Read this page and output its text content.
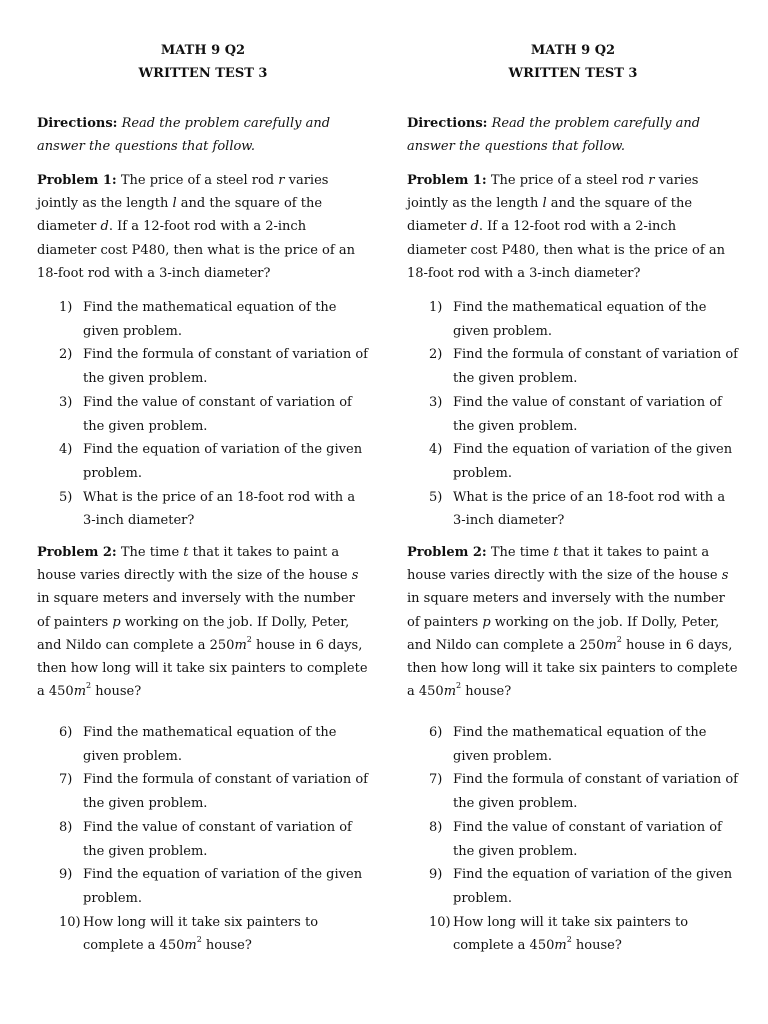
MATH 9 Q2
WRITTEN TEST 3
Directions: Read the problem carefully and answer the questions that follow.
Problem 1: The price of a steel rod r varies jointly as the length l and the square of the diameter d. If a 12-foot rod with a 2-inch diameter cost P480, then what is the price of an 18-foot rod with a 3-inch diameter?
1) Find the mathematical equation of the given problem.
2) Find the formula of constant of variation of the given problem.
3) Find the value of constant of variation of the given problem.
4) Find the equation of variation of the given problem.
5) What is the price of an 18-foot rod with a 3-inch diameter?
Problem 2: The time t that it takes to paint a house varies directly with the size of the house s in square meters and inversely with the number of painters p working on the job. If Dolly, Peter, and Nildo can complete a $250m^2$ house in 6 days, then how long will it take six painters to complete a $450m^2$ house?
6) Find the mathematical equation of the given problem.
7) Find the formula of constant of variation of the given problem.
8) Find the value of constant of variation of the given problem.
9) Find the equation of variation of the given problem.
10) How long will it take six painters to complete a $450m^2$ house?
MATH 9 Q2
WRITTEN TEST 3
Directions: Read the problem carefully and answer the questions that follow.
Problem 1: The price of a steel rod r varies jointly as the length l and the square of the diameter d. If a 12-foot rod with a 2-inch diameter cost P480, then what is the price of an 18-foot rod with a 3-inch diameter?
1) Find the mathematical equation of the given problem.
2) Find the formula of constant of variation of the given problem.
3) Find the value of constant of variation of the given problem.
4) Find the equation of variation of the given problem.
5) What is the price of an 18-foot rod with a 3-inch diameter?
Problem 2: The time t that it takes to paint a house varies directly with the size of the house s in square meters and inversely with the number of painters p working on the job. If Dolly, Peter, and Nildo can complete a $250m^2$ house in 6 days, then how long will it take six painters to complete a $450m^2$ house?
6) Find the mathematical equation of the given problem.
7) Find the formula of constant of variation of the given problem.
8) Find the value of constant of variation of the given problem.
9) Find the equation of variation of the given problem.
10) How long will it take six painters to complete a $450m^2$ house?
